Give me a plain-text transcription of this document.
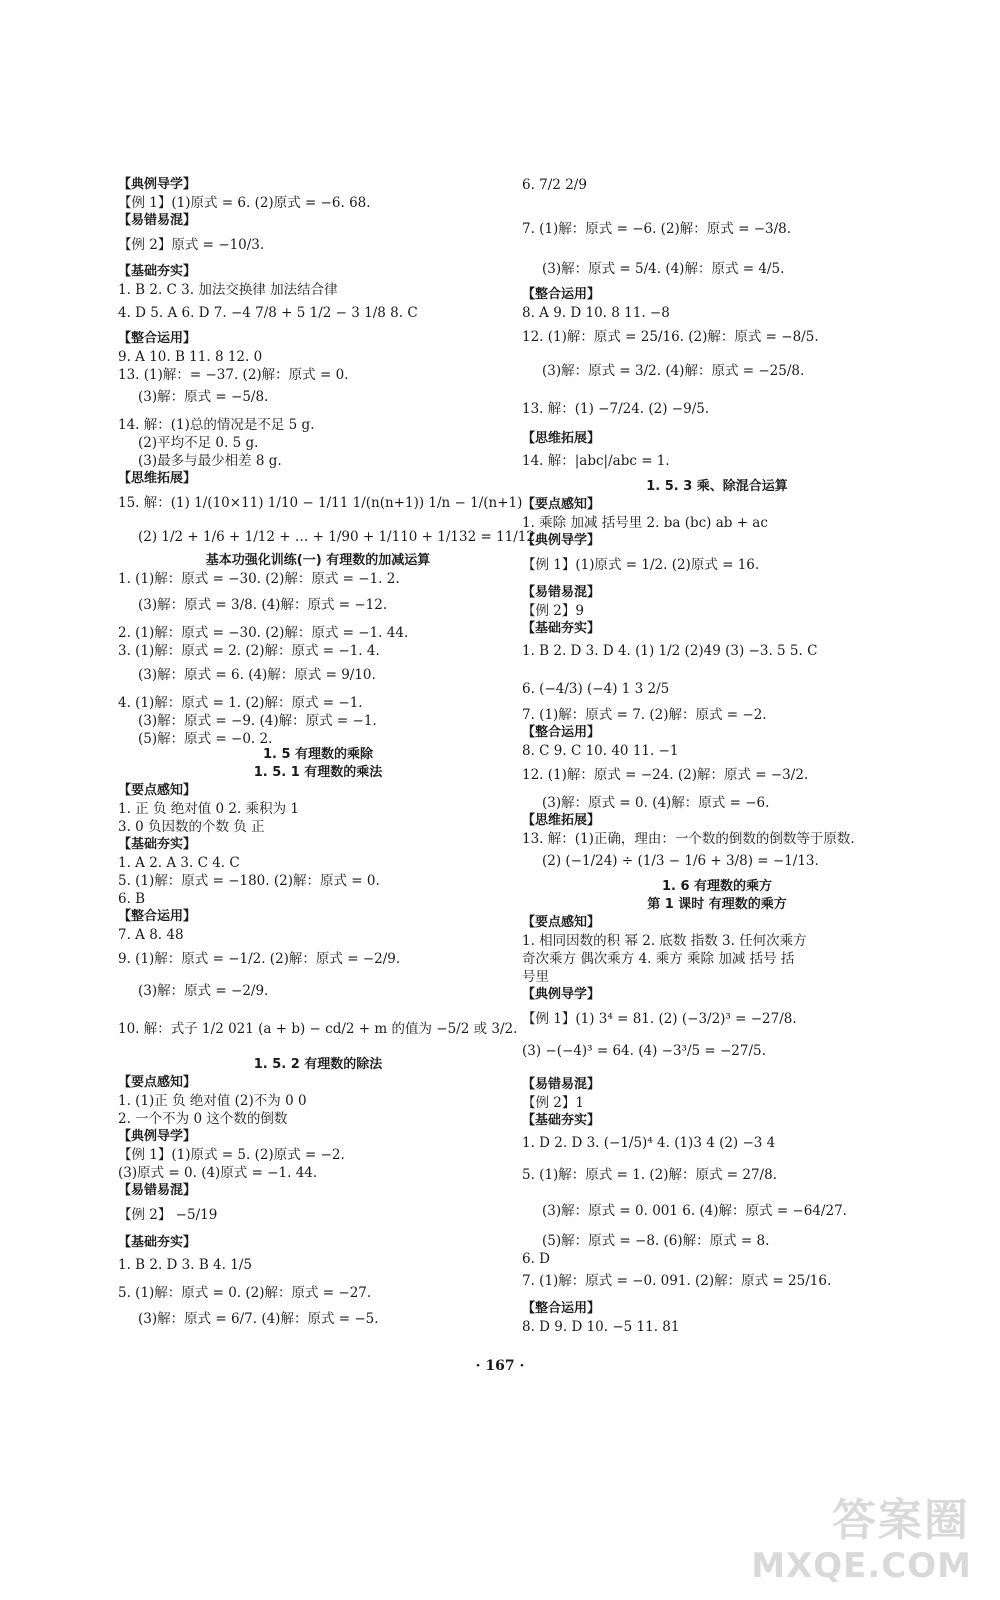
【典例导学】
【例 1】(1)原式 = 6. (2)原式 = −6. 68.
【易错易混】
【例 2】原式 = −10/3.
【基础夯实】
1. B 2. C 3. 加法交换律 加法结合律
4. D 5. A 6. D 7. −4 7/8 + 5 1/2 − 3 1/8 8. C
【整合运用】
9. A 10. B 11. 8 12. 0
13. (1)解：= −37. (2)解：原式 = 0.
(3)解：原式 = −5/8.
14. 解：(1)总的情况是不足 5 g.
(2)平均不足 0. 5 g.
(3)最多与最少相差 8 g.
【思维拓展】
15. 解：(1) 1/(10×11) 1/10 − 1/11 1/(n(n+1)) 1/n − 1/(n+1)
(2) 1/2 + 1/6 + 1/12 + … + 1/90 + 1/110 + 1/132 = 11/12.
基本功强化训练(一) 有理数的加减运算
1. (1)解：原式 = −30. (2)解：原式 = −1. 2.
(3)解：原式 = 3/8. (4)解：原式 = −12.
2. (1)解：原式 = −30. (2)解：原式 = −1. 44.
3. (1)解：原式 = 2. (2)解：原式 = −1. 4.
(3)解：原式 = 6. (4)解：原式 = 9/10.
4. (1)解：原式 = 1. (2)解：原式 = −1.
(3)解：原式 = −9. (4)解：原式 = −1.
(5)解：原式 = −0. 2.
1. 5 有理数的乘除
1. 5. 1 有理数的乘法
【要点感知】
1. 正 负 绝对值 0 2. 乘积为 1
3. 0 负因数的个数 负 正
【基础夯实】
1. A 2. A 3. C 4. C
5. (1)解：原式 = −180. (2)解：原式 = 0.
6. B
【整合运用】
7. A 8. 48
9. (1)解：原式 = −1/2. (2)解：原式 = −2/9.
(3)解：原式 = −2/9.
10. 解：式子 1/2 021 (a + b) − cd/2 + m 的值为 −5/2 或 3/2.
1. 5. 2 有理数的除法
【要点感知】
1. (1)正 负 绝对值 (2)不为 0 0
2. 一个不为 0 这个数的倒数
【典例导学】
【例 1】(1)原式 = 5. (2)原式 = −2.
(3)原式 = 0. (4)原式 = −1. 44.
【易错易混】
【例 2】 −5/19
【基础夯实】
1. B 2. D 3. B 4. 1/5
5. (1)解：原式 = 0. (2)解：原式 = −27.
(3)解：原式 = 6/7. (4)解：原式 = −5.
6. 7/2 2/9
7. (1)解：原式 = −6. (2)解：原式 = −3/8.
(3)解：原式 = 5/4. (4)解：原式 = 4/5.
【整合运用】
8. A 9. D 10. 8 11. −8
12. (1)解：原式 = 25/16. (2)解：原式 = −8/5.
(3)解：原式 = 3/2. (4)解：原式 = −25/8.
13. 解：(1) −7/24. (2) −9/5.
【思维拓展】
14. 解：|abc|/abc = 1.
1. 5. 3 乘、除混合运算
【要点感知】
1. 乘除 加减 括号里 2. ba (bc) ab + ac
【典例导学】
【例 1】(1)原式 = 1/2. (2)原式 = 16.
【易错易混】
【例 2】9
【基础夯实】
1. B 2. D 3. D 4. (1) 1/2 (2)49 (3) −3. 5 5. C
6. (−4/3) (−4) 1 3 2/5
7. (1)解：原式 = 7. (2)解：原式 = −2.
【整合运用】
8. C 9. C 10. 40 11. −1
12. (1)解：原式 = −24. (2)解：原式 = −3/2.
(3)解：原式 = 0. (4)解：原式 = −6.
【思维拓展】
13. 解：(1)正确，理由：一个数的倒数的倒数等于原数.
(2) (−1/24) ÷ (1/3 − 1/6 + 3/8) = −1/13.
1. 6 有理数的乘方
第 1 课时 有理数的乘方
【要点感知】
1. 相同因数的积 幂 2. 底数 指数 3. 任何次乘方
奇次乘方 偶次乘方 4. 乘方 乘除 加减 括号 括
号里
【典例导学】
【例 1】(1) 3⁴ = 81. (2) (−3/2)³ = −27/8.
(3) −(−4)³ = 64. (4) −3³/5 = −27/5.
【易错易混】
【例 2】1
【基础夯实】
1. D 2. D 3. (−1/5)⁴ 4. (1)3 4 (2) −3 4
5. (1)解：原式 = 1. (2)解：原式 = 27/8.
(3)解：原式 = 0. 001 6. (4)解：原式 = −64/27.
(5)解：原式 = −8. (6)解：原式 = 8.
6. D
7. (1)解：原式 = −0. 091. (2)解：原式 = 25/16.
【整合运用】
8. D 9. D 10. −5 11. 81
· 167 ·
答案圈
MXQE.COM
